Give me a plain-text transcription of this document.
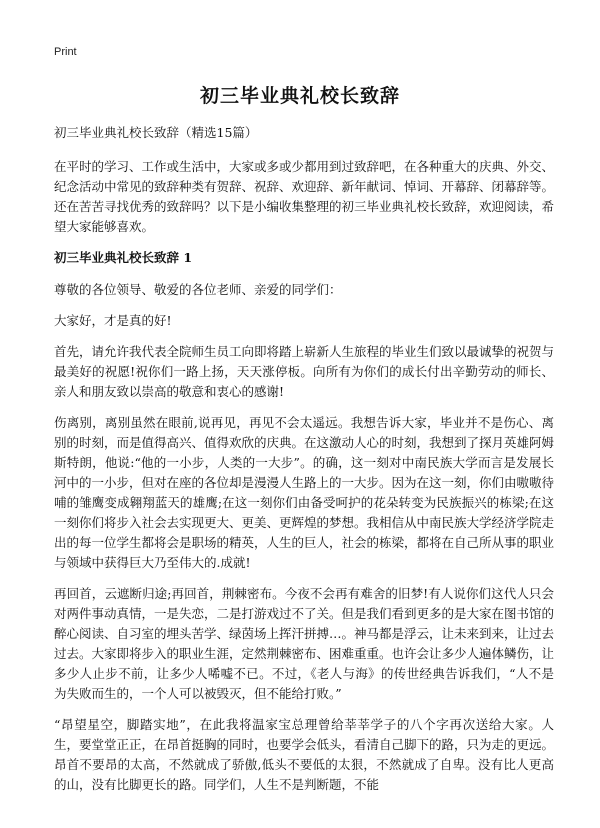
Print
初三毕业典礼校长致辞
初三毕业典礼校长致辞（精选15篇）

在平时的学习、工作或生活中，大家或多或少都用到过致辞吧，在各种重大的庆典、外交、纪念活动中常见的致辞种类有贺辞、祝辞、欢迎辞、新年献词、悼词、开幕辞、闭幕辞等。还在苦苦寻找优秀的致辞吗？以下是小编收集整理的初三毕业典礼校长致辞，欢迎阅读，希望大家能够喜欢。

初三毕业典礼校长致辞 1

尊敬的各位领导、敬爱的各位老师、亲爱的同学们：

大家好，才是真的好!

首先，请允许我代表全院师生员工向即将踏上崭新人生旅程的毕业生们致以最诚挚的祝贺与最美好的祝愿!祝你们一路上扬，天天涨停板。向所有为你们的成长付出辛勤劳动的师长、亲人和朋友致以崇高的敬意和衷心的感谢!

伤离别，离别虽然在眼前,说再见，再见不会太遥远。我想告诉大家，毕业并不是伤心、离别的时刻，而是值得高兴、值得欢欣的庆典。在这激动人心的时刻，我想到了探月英雄阿姆斯特朗，他说:“他的一小步，人类的一大步”。的确，这一刻对中南民族大学而言是发展长河中的一小步，但对在座的各位却是漫漫人生路上的一大步。因为在这一刻，你们由嗷嗷待哺的雏鹰变成翱翔蓝天的雄鹰;在这一刻你们由备受呵护的花朵转变为民族振兴的栋梁;在这一刻你们将步入社会去实现更大、更美、更辉煌的梦想。我相信从中南民族大学经济学院走出的每一位学生都将会是职场的精英，人生的巨人，社会的栋梁，都将在自己所从事的职业与领域中获得巨大乃至伟大的.成就!

再回首，云遮断归途;再回首，荆棘密布。今夜不会再有难舍的旧梦!有人说你们这代人只会对两件事动真情，一是失恋，二是打游戏过不了关。但是我们看到更多的是大家在图书馆的醉心阅读、自习室的埋头苦学、绿茵场上挥汗拼搏…。神马都是浮云，让未来到来，让过去过去。大家即将步入的职业生涯，定然荆棘密布、困难重重。也许会让多少人遍体鳞伤，让多少人止步不前，让多少人唏嘘不已。不过，《老人与海》的传世经典告诉我们，“人不是为失败而生的，一个人可以被毁灭，但不能给打败。”

“昂望星空，脚踏实地”，在此我将温家宝总理曾给莘莘学子的八个字再次送给大家。人生，要堂堂正正，在昂首挺胸的同时，也要学会低头，看清自己脚下的路，只为走的更远。昂首不要昂的太高，不然就成了骄傲,低头不要低的太狠，不然就成了自卑。没有比人更高的山，没有比脚更长的路。同学们，人生不是判断题，不能
